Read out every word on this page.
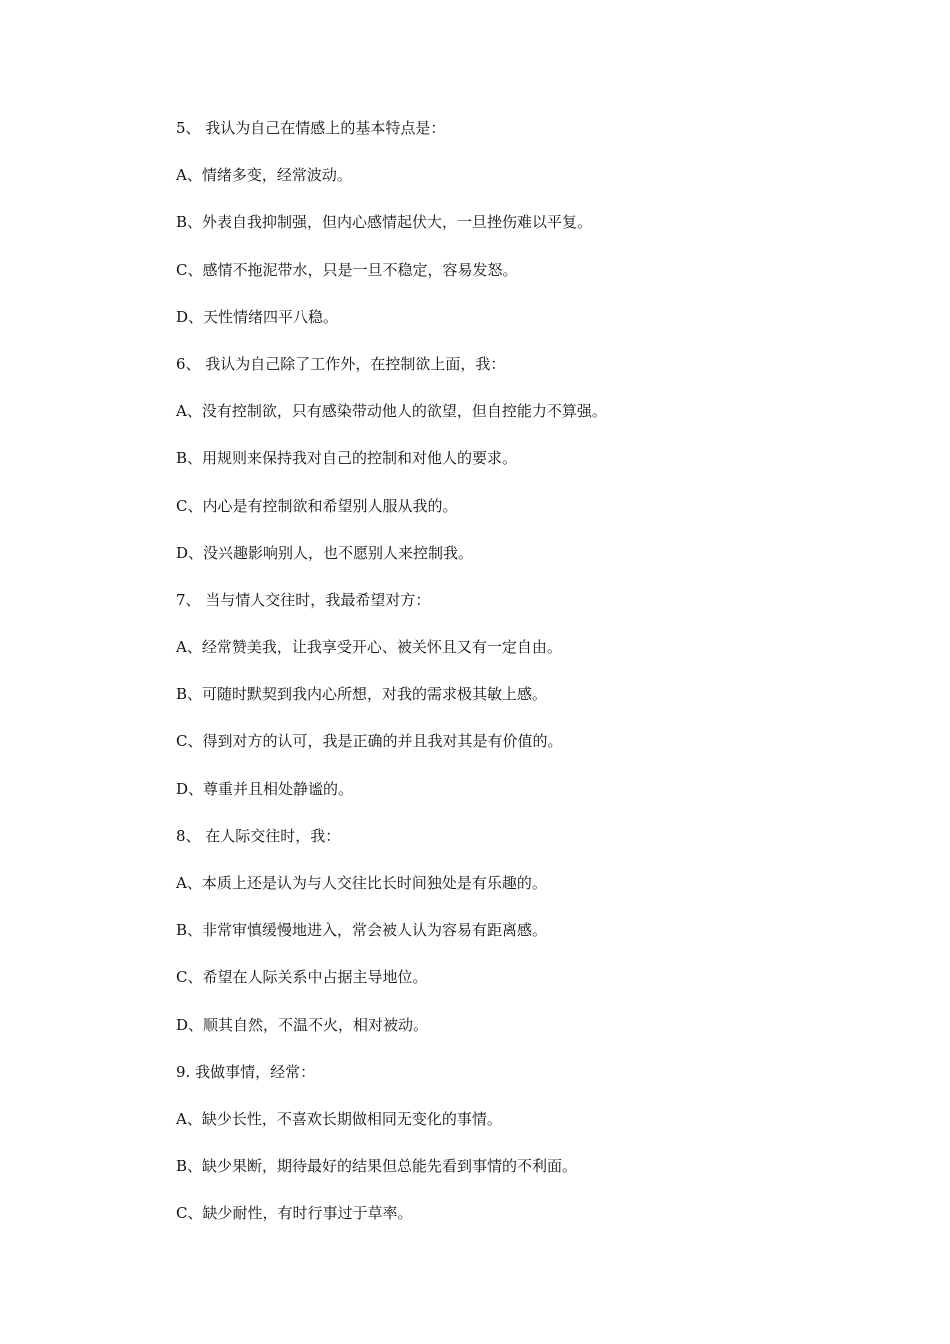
5、 我认为自己在情感上的基本特点是：
A、情绪多变，经常波动。
B、外表自我抑制强，但内心感情起伏大，一旦挫伤难以平复。
C、感情不拖泥带水，只是一旦不稳定，容易发怒。
D、天性情绪四平八稳。
6、 我认为自己除了工作外，在控制欲上面，我：
A、没有控制欲，只有感染带动他人的欲望，但自控能力不算强。
B、用规则来保持我对自己的控制和对他人的要求。
C、内心是有控制欲和希望别人服从我的。
D、没兴趣影响别人，也不愿别人来控制我。
7、 当与情人交往时，我最希望对方：
A、经常赞美我，让我享受开心、被关怀且又有一定自由。
B、可随时默契到我内心所想，对我的需求极其敏上感。
C、得到对方的认可，我是正确的并且我对其是有价值的。
D、尊重并且相处静谧的。
8、 在人际交往时，我：
A、本质上还是认为与人交往比长时间独处是有乐趣的。
B、非常审慎缓慢地进入，常会被人认为容易有距离感。
C、希望在人际关系中占据主导地位。
D、顺其自然，不温不火，相对被动。
9. 我做事情，经常：
A、缺少长性，不喜欢长期做相同无变化的事情。
B、缺少果断，期待最好的结果但总能先看到事情的不利面。
C、缺少耐性，有时行事过于草率。
